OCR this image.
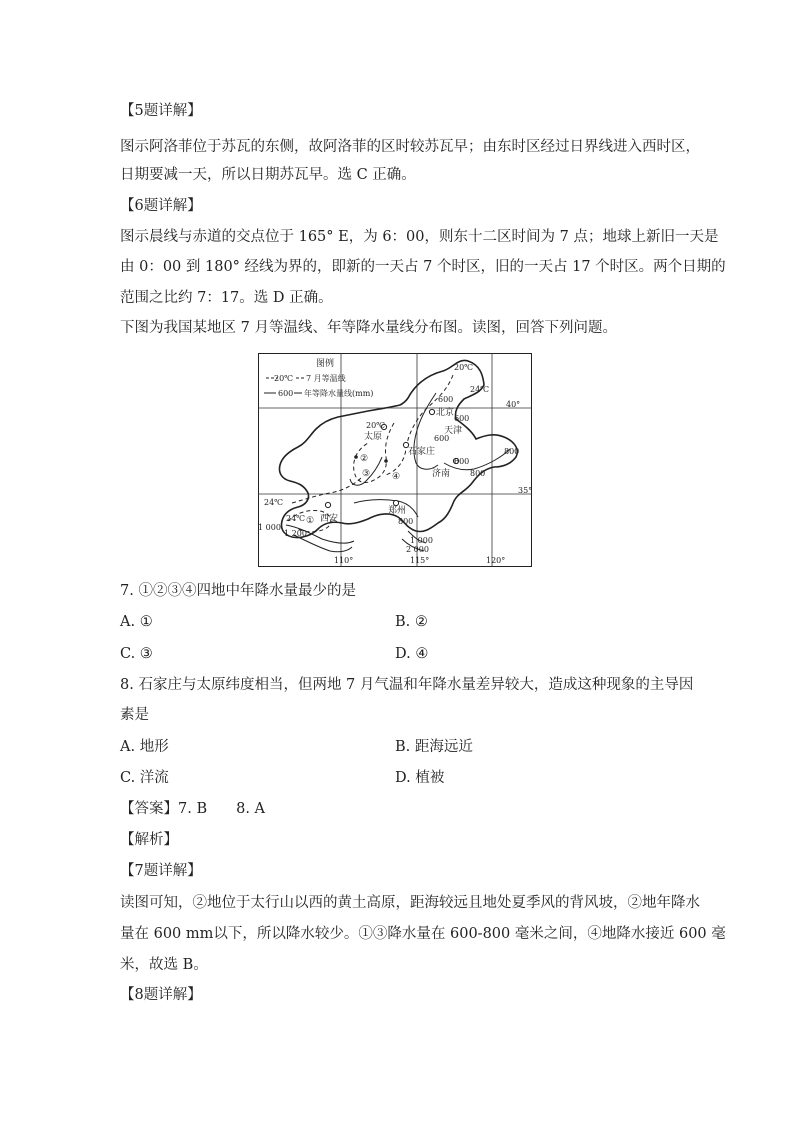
【5题详解】
图示阿洛菲位于苏瓦的东侧，故阿洛菲的区时较苏瓦早；由东时区经过日界线进入西时区，
日期要减一天，所以日期苏瓦早。选 C 正确。
【6题详解】
图示晨线与赤道的交点位于 165° E，为 6：00，则东十二区时间为 7 点；地球上新旧一天是
由 0：00 到 180° 经线为界的，即新的一天占 7 个时区，旧的一天占 17 个时区。两个日期的
范围之比约 7：17。选 D 正确。
下图为我国某地区 7 月等温线、年等降水量线分布图。读图，回答下列问题。
图例
20℃ 7 月等温线
600 年等降水量线(mm)
北京
天津
太原
石家庄
济南
郑州
西安
20℃
24℃
20℃
24℃
24℃
600
600
600
600
800
800
800
1 000
1 200
1 000
2 000
①
②
③ ④
40°
35°
110°	115°	120°
7. ①②③④四地中年降水量最少的是
A. ①	B. ②
C. ③	D. ④
8. 石家庄与太原纬度相当，但两地 7 月气温和年降水量差异较大，造成这种现象的主导因
素是
A. 地形	B. 距海远近
C. 洋流	D. 植被
【答案】7. B　　8. A
【解析】
【7题详解】
读图可知，②地位于太行山以西的黄土高原，距海较远且地处夏季风的背风坡，②地年降水
量在 600 mm以下，所以降水较少。①③降水量在 600-800 毫米之间，④地降水接近 600 毫
米，故选 B。
【8题详解】
